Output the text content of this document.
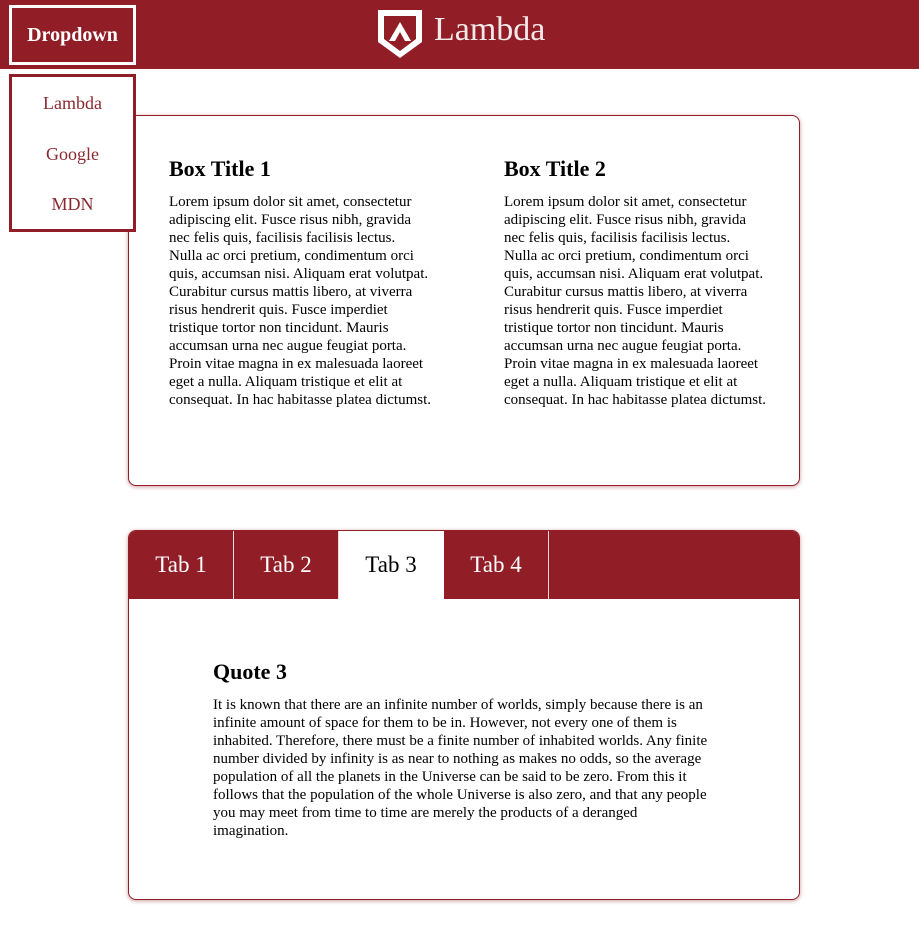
Dropdown	Lambda
Lambda
Google
MDN
Box Title 1

Lorem ipsum dolor sit amet, consectetur adipiscing elit. Fusce risus nibh, gravida nec felis quis, facilisis facilisis lectus. Nulla ac orci pretium, condimentum orci quis, accumsan nisi. Aliquam erat volutpat. Curabitur cursus mattis libero, at viverra risus hendrerit quis. Fusce imperdiet tristique tortor non tincidunt. Mauris accumsan urna nec augue feugiat porta. Proin vitae magna in ex malesuada laoreet eget a nulla. Aliquam tristique et elit at consequat. In hac habitasse platea dictumst.

Box Title 2

Lorem ipsum dolor sit amet, consectetur adipiscing elit. Fusce risus nibh, gravida nec felis quis, facilisis facilisis lectus. Nulla ac orci pretium, condimentum orci quis, accumsan nisi. Aliquam erat volutpat. Curabitur cursus mattis libero, at viverra risus hendrerit quis. Fusce imperdiet tristique tortor non tincidunt. Mauris accumsan urna nec augue feugiat porta. Proin vitae magna in ex malesuada laoreet eget a nulla. Aliquam tristique et elit at consequat. In hac habitasse platea dictumst.

Tab 1	Tab 2	Tab 3	Tab 4
Quote 3

It is known that there are an infinite number of worlds, simply because there is an infinite amount of space for them to be in. However, not every one of them is inhabited. Therefore, there must be a finite number of inhabited worlds. Any finite number divided by infinity is as near to nothing as makes no odds, so the average population of all the planets in the Universe can be said to be zero. From this it follows that the population of the whole Universe is also zero, and that any people you may meet from time to time are merely the products of a deranged imagination.
